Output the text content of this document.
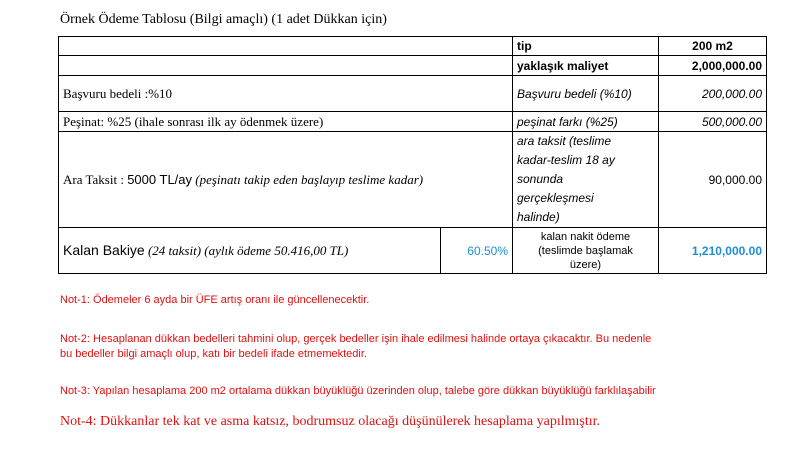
Örnek Ödeme Tablosu (Bilgi amaçlı) (1 adet Dükkan için)
		tip	200 m2
		yaklaşık maliyet	2,000,000.00
Başvuru bedeli :%10		Başvuru bedeli (%10)	200,000.00
Peşinat: %25 (ihale sonrası ilk ay ödenmek üzere)		peşinat farkı (%25)	500,000.00
Ara Taksit : 5000 TL/ay (peşinatı takip eden başlayıp teslime kadar)		ara taksit (teslime
kadar-teslim 18 ay
sonunda
gerçekleşmesi
halinde)	90,000.00
Kalan Bakiye (24 taksit) (aylık ödeme 50.416,00 TL)	60.50%	kalan nakit ödeme
(teslimde başlamak
üzere)	1,210,000.00
Not-1: Ödemeler 6 ayda bir ÜFE artış oranı ile güncellenecektir.
Not-2: Hesaplanan dükkan bedelleri tahmini olup, gerçek bedeller işin ihale edilmesi halinde ortaya çıkacaktır. Bu nedenle
bu bedeller bilgi amaçlı olup, katı bir bedeli ifade etmemektedir.
Not-3: Yapılan hesaplama 200 m2 ortalama dükkan büyüklüğü üzerinden olup, talebe göre dükkan büyüklüğü farklılaşabilir
Not-4: Dükkanlar tek kat ve asma katsız, bodrumsuz olacağı düşünülerek hesaplama yapılmıştır.
